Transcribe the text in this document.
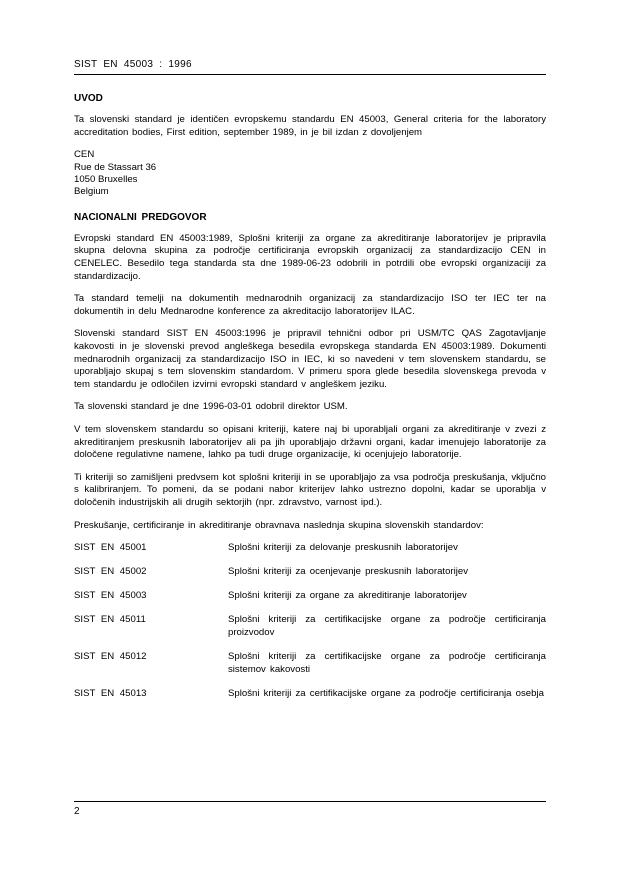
SIST EN 45003 : 1996
UVOD

Ta slovenski standard je identičen evropskemu standardu EN 45003, General criteria for the laboratory accreditation bodies, First edition, september 1989, in je bil izdan z dovoljenjem

CEN
Rue de Stassart 36
1050 Bruxelles
Belgium
NACIONALNI PREDGOVOR

Evropski standard EN 45003:1989, Splošni kriteriji za organe za akreditiranje laboratorijev je pripravila skupna delovna skupina za področje certificiranja evropskih organizacij za standardizacijo CEN in CENELEC. Besedilo tega standarda sta dne 1989-06-23 odobrili in potrdili obe evropski organizaciji za standardizacijo.

Ta standard temelji na dokumentih mednarodnih organizacij za standardizacijo ISO ter IEC ter na dokumentih in delu Mednarodne konference za akreditacijo laboratorijev ILAC.

Slovenski standard SIST EN 45003:1996 je pripravil tehnični odbor pri USM/TC QAS Zagotavljanje kakovosti in je slovenski prevod angleškega besedila evropskega standarda EN 45003:1989. Dokumenti mednarodnih organizacij za standardizacijo ISO in IEC, ki so navedeni v tem slovenskem standardu, se uporabljajo skupaj s tem slovenskim standardom. V primeru spora glede besedila slovenskega prevoda v tem standardu je odločilen izvirni evropski standard v angleškem jeziku.

Ta slovenski standard je dne 1996-03-01 odobril direktor USM.

V tem slovenskem standardu so opisani kriteriji, katere naj bi uporabljali organi za akreditiranje v zvezi z akreditiranjem preskusnih laboratorijev ali pa jih uporabljajo državni organi, kadar imenujejo laboratorije za določene regulativne namene, lahko pa tudi druge organizacije, ki ocenjujejo laboratorije.

Ti kriteriji so zamišljeni predvsem kot splošni kriteriji in se uporabljajo za vsa področja preskušanja, vključno s kalibriranjem. To pomeni, da se podani nabor kriterijev lahko ustrezno dopolni, kadar se uporablja v določenih industrijskih ali drugih sektorjih (npr. zdravstvo, varnost ipd.).

Preskušanje, certificiranje in akreditiranje obravnava naslednja skupina slovenskih standardov:

SIST EN 45001	Splošni kriteriji za delovanje preskusnih laboratorijev
SIST EN 45002	Splošni kriteriji za ocenjevanje preskusnih laboratorijev
SIST EN 45003	Splošni kriteriji za organe za akreditiranje laboratorijev
SIST EN 45011	Splošni kriteriji za certifikacijske organe za področje certificiranja proizvodov
SIST EN 45012	Splošni kriteriji za certifikacijske organe za področje certificiranja sistemov kakovosti
SIST EN 45013	Splošni kriteriji za certifikacijske organe za področje certificiranja osebja
2
